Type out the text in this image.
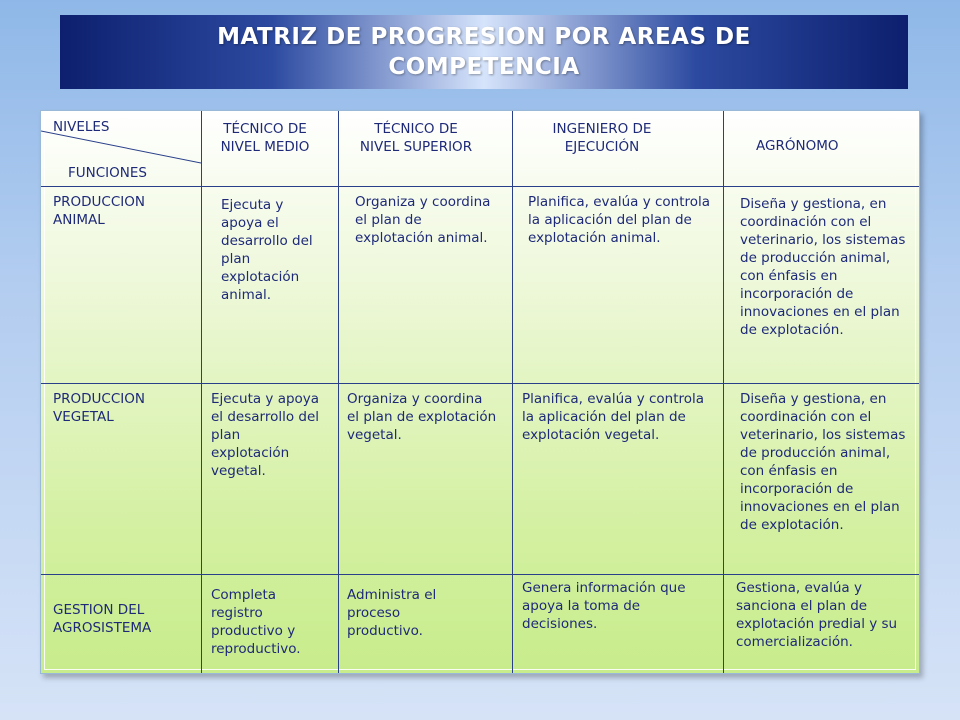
MATRIZ DE PROGRESION POR AREAS DE COMPETENCIA
NIVELES
FUNCIONES
TÉCNICO DE NIVEL MEDIO
TÉCNICO DE NIVEL SUPERIOR
INGENIERO DE EJECUCIÓN	AGRÓNOMO
PRODUCCION ANIMAL
Ejecuta y apoya el desarrollo del plan explotación animal.
Organiza y coordina el plan de explotación animal.
Planifica, evalúa y controla la aplicación del plan de explotación animal.
Diseña y gestiona, en coordinación con el veterinario, los sistemas de producción animal, con énfasis en incorporación de innovaciones en el plan de explotación.
PRODUCCION VEGETAL
Ejecuta y apoya el desarrollo del plan explotación vegetal.
Organiza y coordina el plan de explotación vegetal.
Planifica, evalúa y controla la aplicación del plan de explotación vegetal.
Diseña y gestiona, en coordinación con el veterinario, los sistemas de producción animal, con énfasis en incorporación de innovaciones en el plan de explotación.
GESTION DEL AGROSISTEMA
Completa registro productivo y reproductivo.
Administra el proceso productivo.
Genera información que apoya la toma de decisiones.
Gestiona, evalúa y sanciona el plan de explotación predial y su comercialización.
